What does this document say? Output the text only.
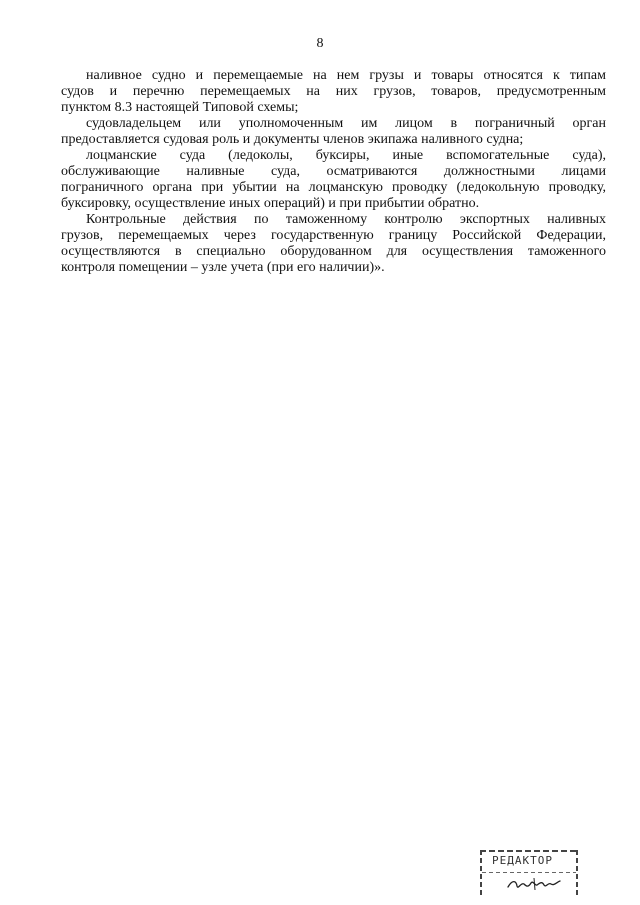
8

наливное судно и перемещаемые на нем грузы и товары относятся к типам
судов и перечню перемещаемых на них грузов, товаров, предусмотренным
пунктом 8.3 настоящей Типовой схемы;

судовладельцем или уполномоченным им лицом в пограничный орган
предоставляется судовая роль и документы членов экипажа наливного судна;

лоцманские суда (ледоколы, буксиры, иные вспомогательные суда),
обслуживающие наливные суда, осматриваются должностными лицами
пограничного органа при убытии на лоцманскую проводку (ледокольную проводку,
буксировку, осуществление иных операций) и при прибытии обратно.

Контрольные действия по таможенному контролю экспортных наливных
грузов, перемещаемых через государственную границу Российской Федерации,
осуществляются в специально оборудованном для осуществления таможенного
контроля помещении – узле учета (при его наличии)».

РЕДАКТОР
